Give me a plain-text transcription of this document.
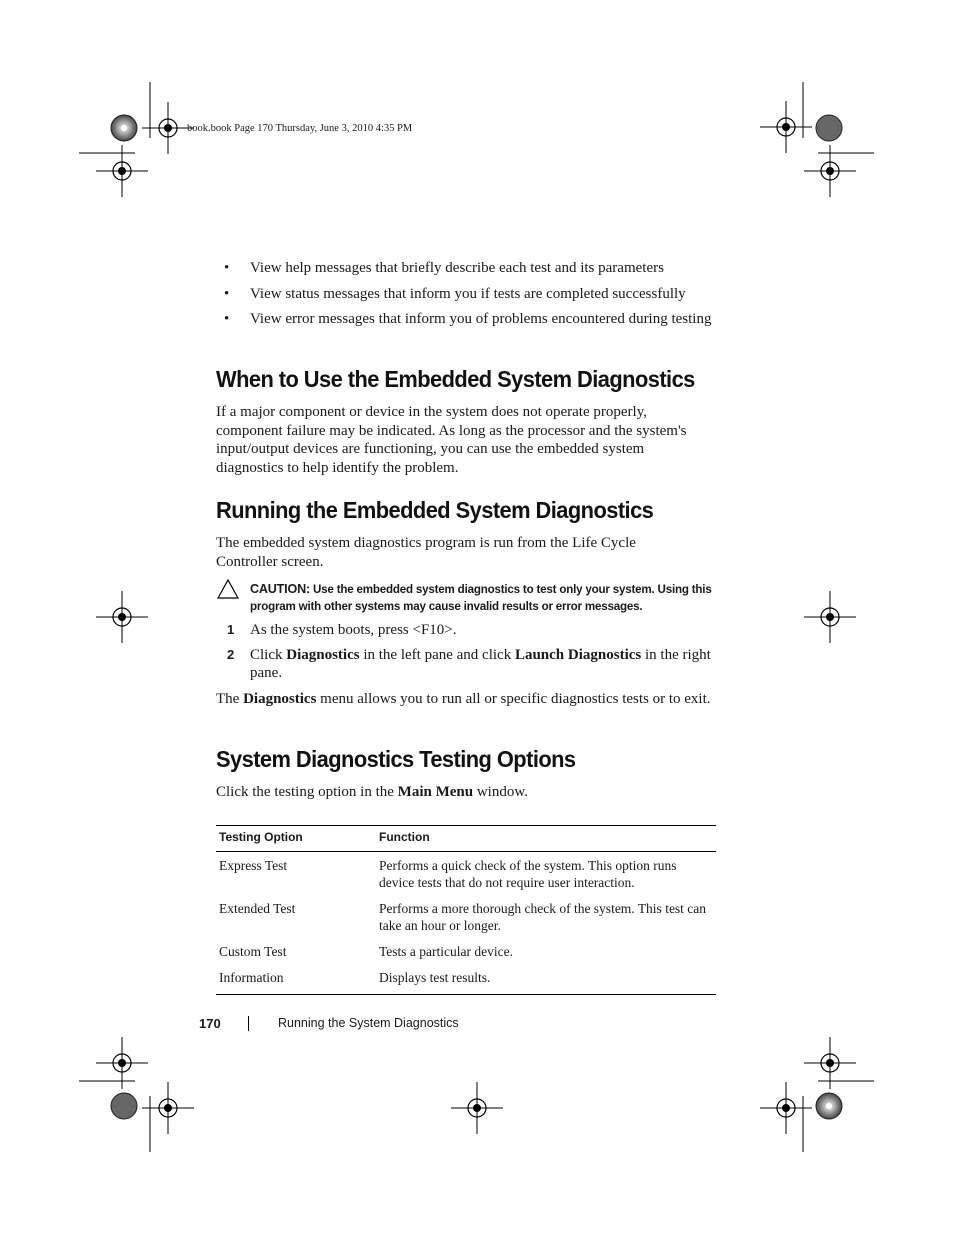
book.book Page 170 Thursday, June 3, 2010 4:35 PM
• View help messages that briefly describe each test and its parameters
• View status messages that inform you if tests are completed successfully
• View error messages that inform you of problems encountered during testing
When to Use the Embedded System Diagnostics

If a major component or device in the system does not operate properly, component failure may be indicated. As long as the processor and the system's input/output devices are functioning, you can use the embedded system diagnostics to help identify the problem.

Running the Embedded System Diagnostics

The embedded system diagnostics program is run from the Life Cycle Controller screen.

CAUTION: Use the embedded system diagnostics to test only your system. Using this program with other systems may cause invalid results or error messages.
1 As the system boots, press <F10>.
2 Click Diagnostics in the left pane and click Launch Diagnostics in the right pane.

The Diagnostics menu allows you to run all or specific diagnostics tests or to exit.

System Diagnostics Testing Options

Click the testing option in the Main Menu window.

Testing Option	Function
Express Test	Performs a quick check of the system. This option runs device tests that do not require user interaction.
Extended Test	Performs a more thorough check of the system. This test can take an hour or longer.
Custom Test	Tests a particular device.
Information	Displays test results.
170	Running the System Diagnostics
